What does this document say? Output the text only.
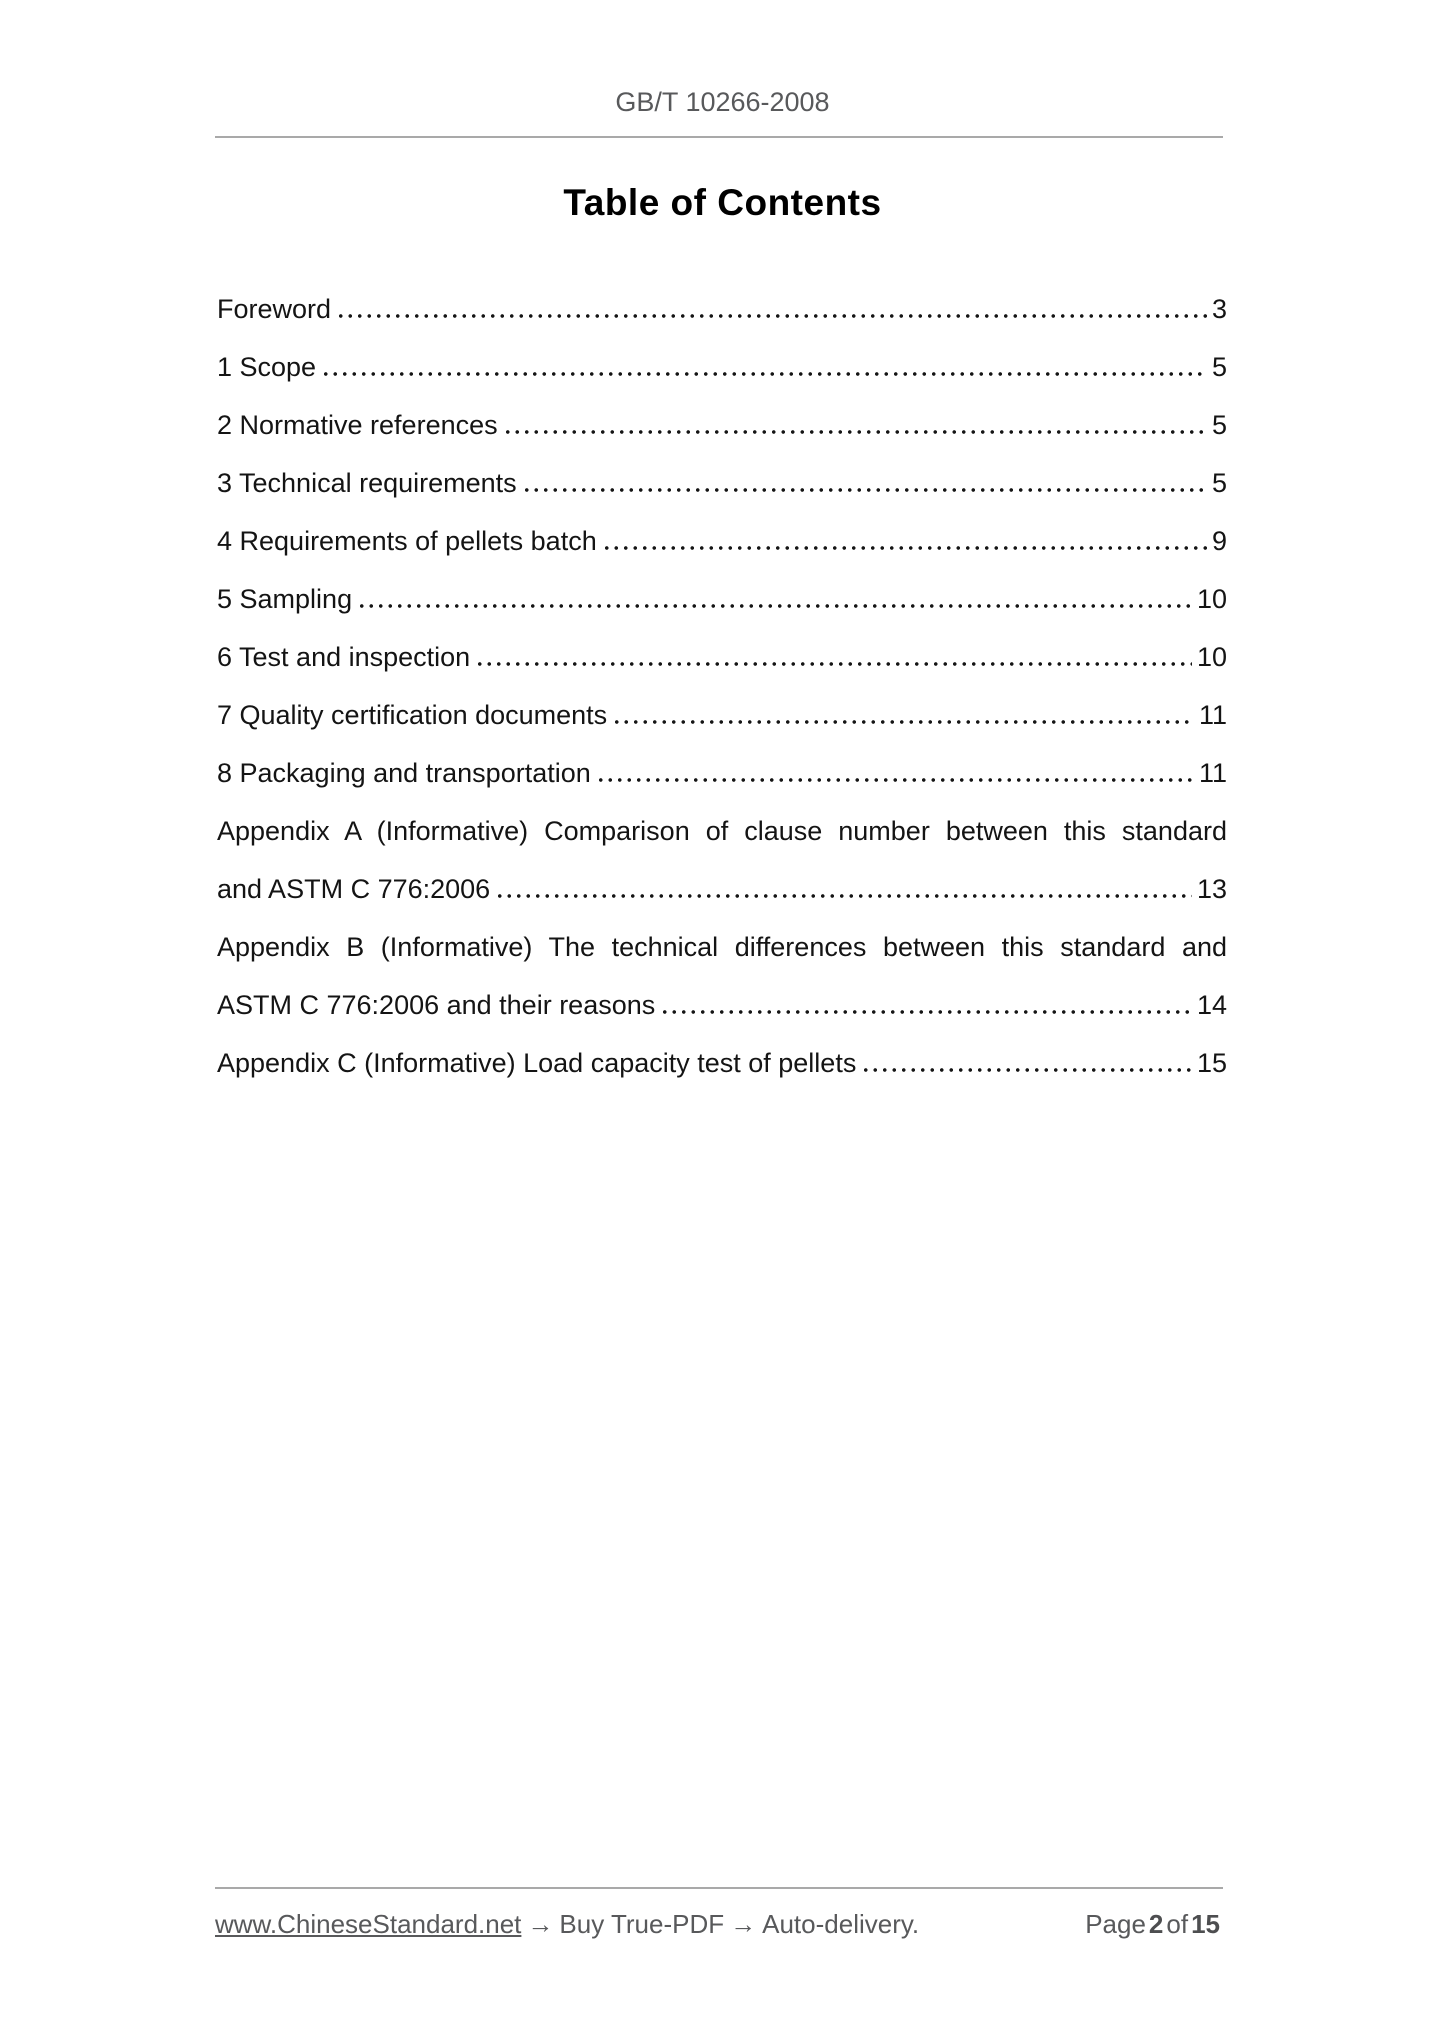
GB/T 10266-2008
Table of Contents
Foreword	3
1 Scope	5
2 Normative references	5
3 Technical requirements	5
4 Requirements of pellets batch	9
5 Sampling	10
6 Test and inspection	10
7 Quality certification documents	11
8 Packaging and transportation	11
Appendix A (Informative) Comparison of clause number between this standard
and ASTM C 776:2006	13
Appendix B (Informative) The technical differences between this standard and
ASTM C 776:2006 and their reasons	14
Appendix C (Informative) Load capacity test of pellets	15
www.ChineseStandard.net → Buy True-PDF → Auto-delivery.	Page 2 of 15
